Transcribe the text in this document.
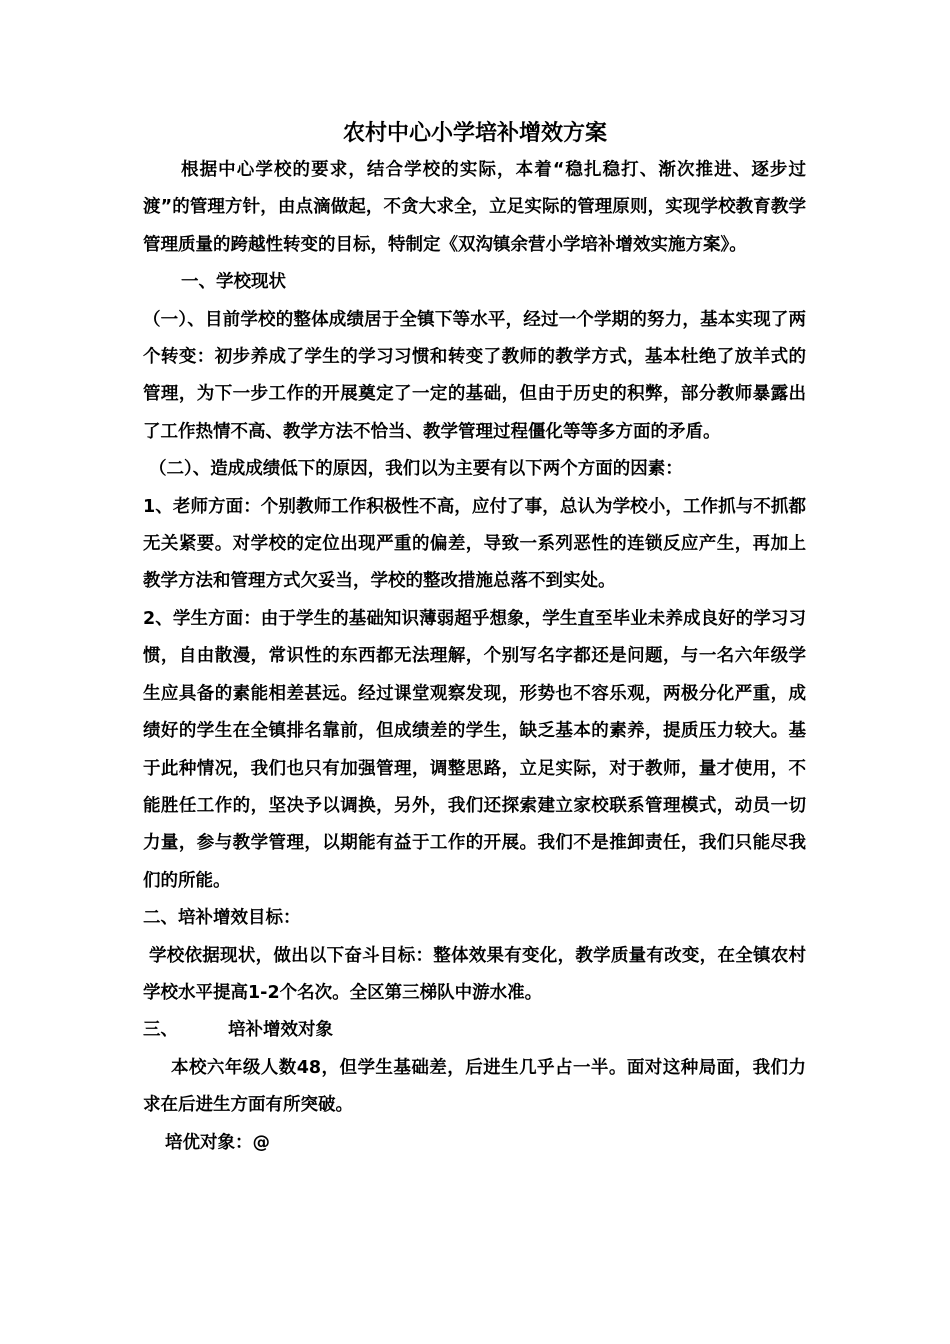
农村中心小学培补增效方案

根据中心学校的要求，结合学校的实际，本着“稳扎稳打、渐次推进、逐步过渡”的管理方针，由点滴做起，不贪大求全，立足实际的管理原则，实现学校教育教学管理质量的跨越性转变的目标，特制定《双沟镇余营小学培补增效实施方案》。

一、学校现状

（一）、目前学校的整体成绩居于全镇下等水平，经过一个学期的努力，基本实现了两个转变：初步养成了学生的学习习惯和转变了教师的教学方式，基本杜绝了放羊式的管理，为下一步工作的开展奠定了一定的基础，但由于历史的积弊，部分教师暴露出了工作热情不高、教学方法不恰当、教学管理过程僵化等等多方面的矛盾。

（二）、造成成绩低下的原因，我们以为主要有以下两个方面的因素：

1、老师方面：个别教师工作积极性不高，应付了事，总认为学校小，工作抓与不抓都无关紧要。对学校的定位出现严重的偏差，导致一系列恶性的连锁反应产生，再加上教学方法和管理方式欠妥当，学校的整改措施总落不到实处。

2、学生方面：由于学生的基础知识薄弱超乎想象，学生直至毕业未养成良好的学习习惯，自由散漫，常识性的东西都无法理解，个别写名字都还是问题，与一名六年级学生应具备的素能相差甚远。经过课堂观察发现，形势也不容乐观，两极分化严重，成绩好的学生在全镇排名靠前，但成绩差的学生，缺乏基本的素养，提质压力较大。基于此种情况，我们也只有加强管理，调整思路，立足实际，对于教师，量才使用，不能胜任工作的，坚决予以调换，另外，我们还探索建立家校联系管理模式，动员一切力量，参与教学管理，以期能有益于工作的开展。我们不是推卸责任，我们只能尽我们的所能。

二、培补增效目标：

学校依据现状，做出以下奋斗目标：整体效果有变化，教学质量有改变，在全镇农村学校水平提高1-2个名次。全区第三梯队中游水准。

三、	培补增效对象

本校六年级人数48，但学生基础差，后进生几乎占一半。面对这种局面，我们力求在后进生方面有所突破。

培优对象：@
